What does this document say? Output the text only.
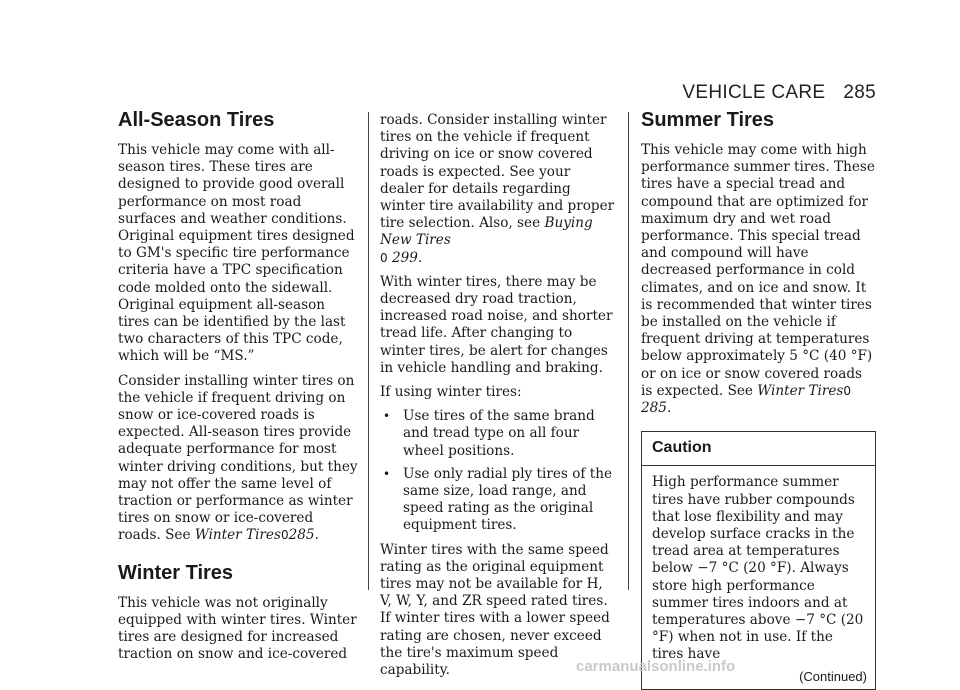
VEHICLE CARE 285
All-Season Tires

This vehicle may come with all-season tires. These tires are designed to provide good overall performance on most road surfaces and weather conditions. Original equipment tires designed to GM's specific tire performance criteria have a TPC specification code molded onto the sidewall. Original equipment all-season tires can be identified by the last two characters of this TPC code, which will be “MS.”

Consider installing winter tires on the vehicle if frequent driving on snow or ice-covered roads is expected. All-season tires provide adequate performance for most winter driving conditions, but they may not offer the same level of traction or performance as winter tires on snow or ice-covered roads. See Winter Tires0285.

Winter Tires

This vehicle was not originally equipped with winter tires. Winter tires are designed for increased traction on snow and ice-covered

roads. Consider installing winter tires on the vehicle if frequent driving on ice or snow covered roads is expected. See your dealer for details regarding winter tire availability and proper tire selection. Also, see Buying New Tires
0 299.

With winter tires, there may be decreased dry road traction, increased road noise, and shorter tread life. After changing to winter tires, be alert for changes in vehicle handling and braking.

If using winter tires:

• Use tires of the same brand and tread type on all four wheel positions.
• Use only radial ply tires of the same size, load range, and speed rating as the original equipment tires.

Winter tires with the same speed rating as the original equipment tires may not be available for H, V, W, Y, and ZR speed rated tires. If winter tires with a lower speed rating are chosen, never exceed the tire's maximum speed capability.

Summer Tires

This vehicle may come with high performance summer tires. These tires have a special tread and compound that are optimized for maximum dry and wet road performance. This special tread and compound will have decreased performance in cold climates, and on ice and snow. It is recommended that winter tires be installed on the vehicle if frequent driving at temperatures below approximately 5 °C (40 °F) or on ice or snow covered roads is expected. See Winter Tires0 285.

Caution
High performance summer tires have rubber compounds that lose flexibility and may develop surface cracks in the tread area at temperatures below −7 °C (20 °F). Always store high performance summer tires indoors and at temperatures above −7 °C (20 °F) when not in use. If the tires have
(Continued)
carmanualsonline.info
